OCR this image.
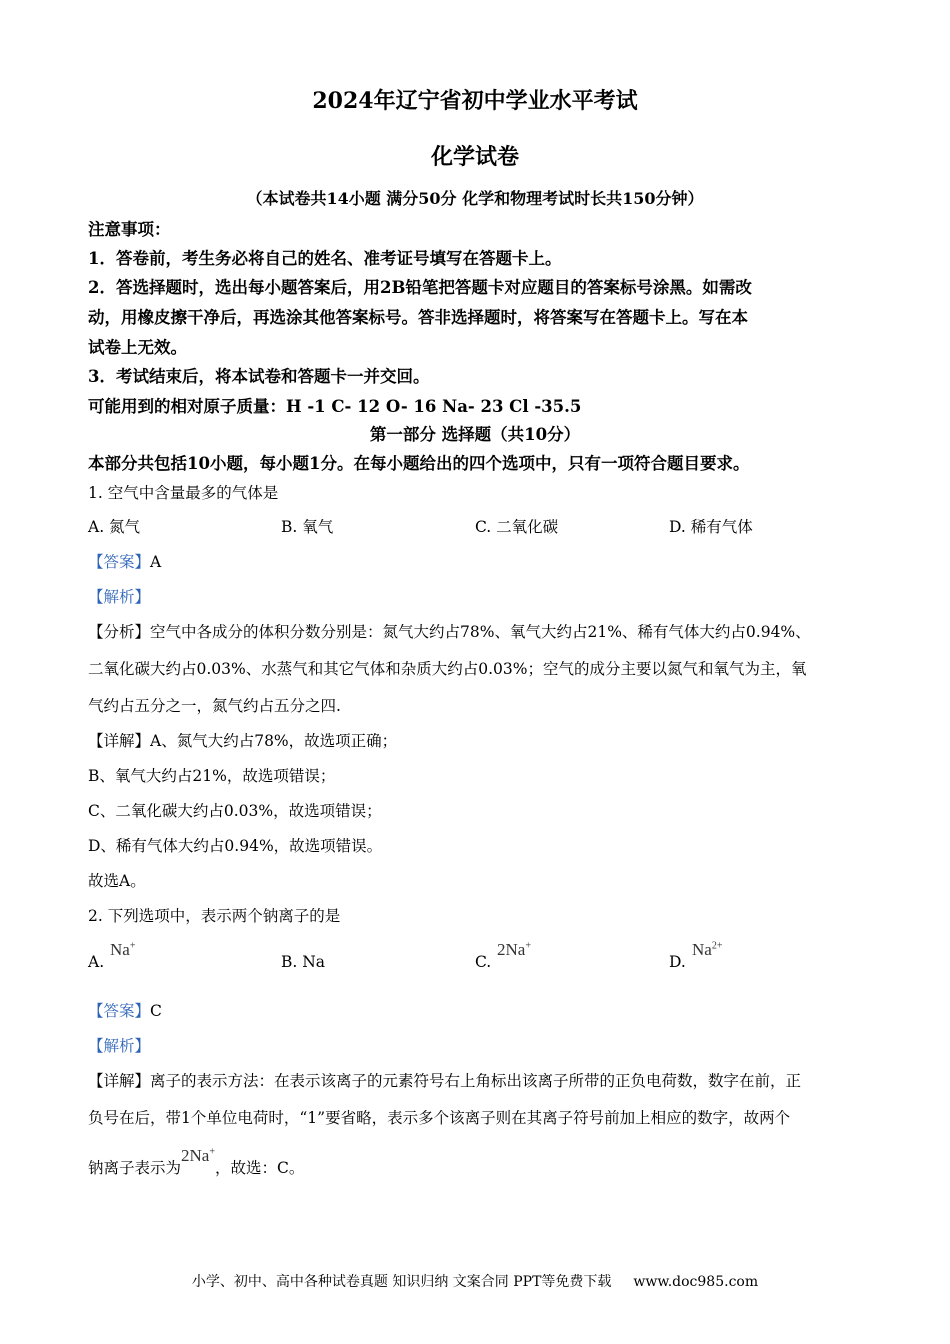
2024年辽宁省初中学业水平考试
化学试卷
（本试卷共14小题 满分50分 化学和物理考试时长共150分钟）
注意事项：
1．答卷前，考生务必将自己的姓名、准考证号填写在答题卡上。
2．答选择题时，选出每小题答案后，用2B铅笔把答题卡对应题目的答案标号涂黑。如需改
动，用橡皮擦干净后，再选涂其他答案标号。答非选择题时，将答案写在答题卡上。写在本
试卷上无效。
3．考试结束后，将本试卷和答题卡一并交回。
可能用到的相对原子质量：H -1 C- 12 O- 16 Na- 23 Cl -35.5
第一部分 选择题（共10分）
本部分共包括10小题，每小题1分。在每小题给出的四个选项中，只有一项符合题目要求。
1. 空气中含量最多的气体是
A. 氮气	B. 氧气	C. 二氧化碳	D. 稀有气体
【答案】A
【解析】
【分析】空气中各成分的体积分数分别是：氮气大约占78%、氧气大约占21%、稀有气体大约占0.94%、
二氧化碳大约占0.03%、水蒸气和其它气体和杂质大约占0.03%；空气的成分主要以氮气和氧气为主，氧
气约占五分之一，氮气约占五分之四.
【详解】A、氮气大约占78%，故选项正确；
B、氧气大约占21%，故选项错误；
C、二氧化碳大约占0.03%，故选项错误；
D、稀有气体大约占0.94%，故选项错误。
故选A。
2. 下列选项中，表示两个钠离子的是
A.
Na+
B. Na	C.
2Na+
D.
$Na^{2+}$
【答案】C
【解析】
【详解】离子的表示方法：在表示该离子的元素符号右上角标出该离子所带的正负电荷数，数字在前，正
负号在后，带1个单位电荷时，“1”要省略，表示多个该离子则在其离子符号前加上相应的数字，故两个
钠离子表示为2Na+，故选：C。
小学、初中、高中各种试卷真题 知识归纳 文案合同 PPT等免费下载 www.doc985.com
